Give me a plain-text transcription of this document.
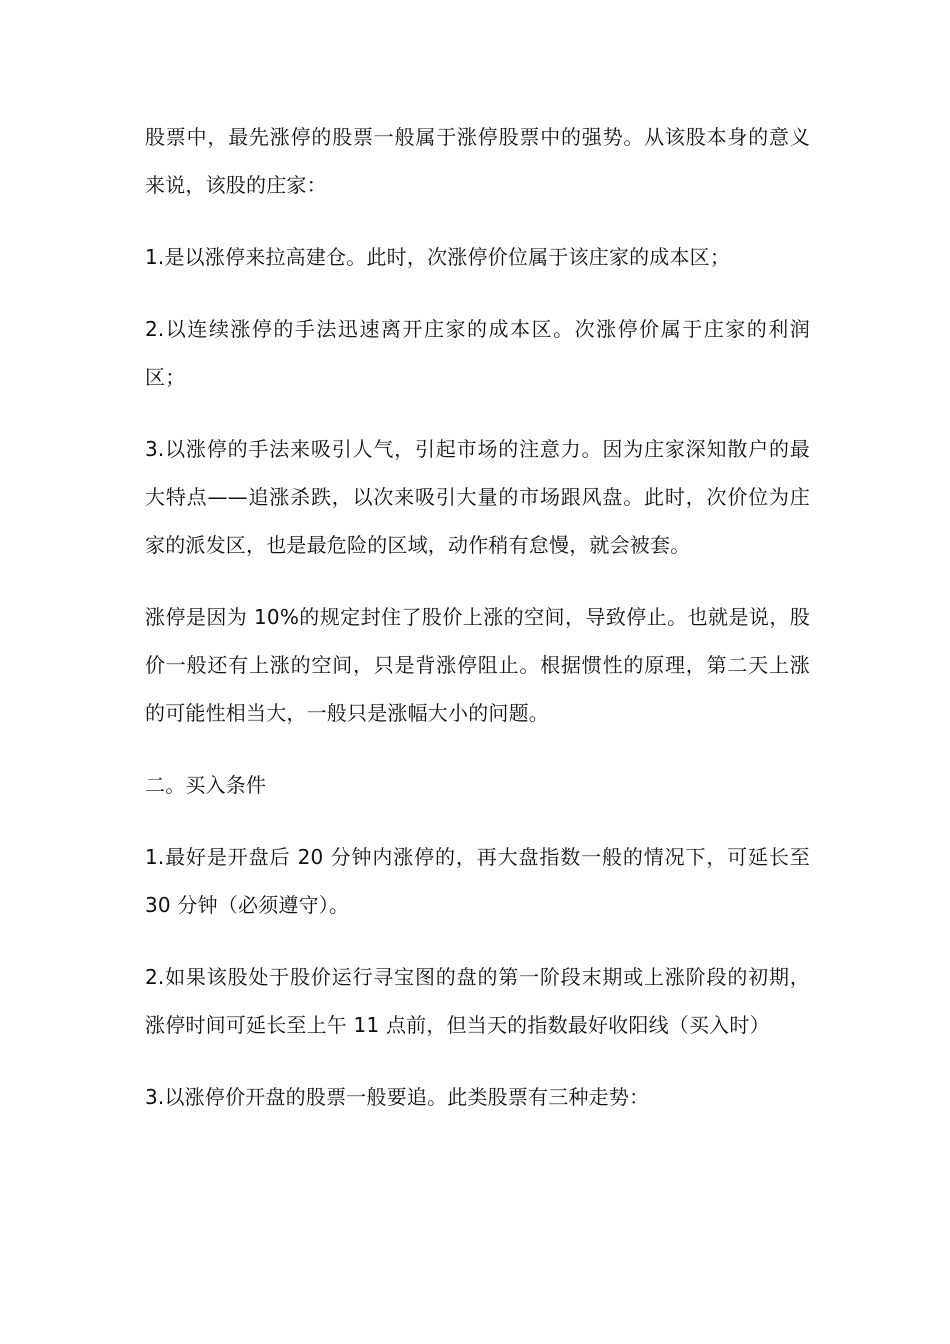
股票中，最先涨停的股票一般属于涨停股票中的强势。从该股本身的意义来说，该股的庄家：

1.是以涨停来拉高建仓。此时，次涨停价位属于该庄家的成本区；

2.以连续涨停的手法迅速离开庄家的成本区。次涨停价属于庄家的利润区；

3.以涨停的手法来吸引人气，引起市场的注意力。因为庄家深知散户的最大特点——追涨杀跌，以次来吸引大量的市场跟风盘。此时，次价位为庄家的派发区，也是最危险的区域，动作稍有怠慢，就会被套。

涨停是因为 10%的规定封住了股价上涨的空间，导致停止。也就是说，股价一般还有上涨的空间，只是背涨停阻止。根据惯性的原理，第二天上涨的可能性相当大，一般只是涨幅大小的问题。

二。买入条件

1.最好是开盘后 20 分钟内涨停的，再大盘指数一般的情况下，可延长至 30 分钟（必须遵守）。

2.如果该股处于股价运行寻宝图的盘的第一阶段末期或上涨阶段的初期，涨停时间可延长至上午 11 点前，但当天的指数最好收阳线（买入时）

3.以涨停价开盘的股票一般要追。此类股票有三种走势：
